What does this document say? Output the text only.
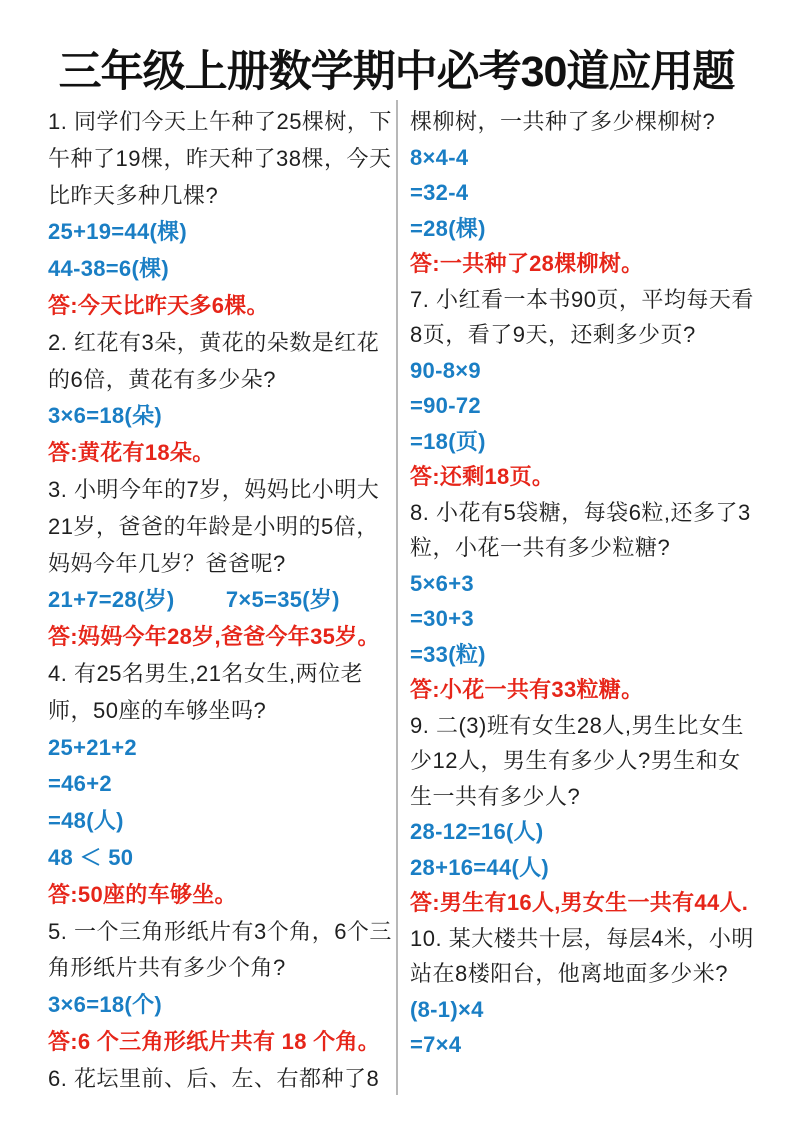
三年级上册数学期中必考30道应用题
1. 同学们今天上午种了25棵树，下
午种了19棵，昨天种了38棵，今天
比昨天多种几棵?
25+19=44(棵)
44-38=6(棵)
答:今天比昨天多6棵。
2. 红花有3朵，黄花的朵数是红花
的6倍，黄花有多少朵?
3×6=18(朵)
答:黄花有18朵。
3. 小明今年的7岁，妈妈比小明大
21岁，爸爸的年龄是小明的5倍，
妈妈今年几岁？爸爸呢?
21+7=28(岁)        7×5=35(岁)
答:妈妈今年28岁,爸爸今年35岁。
4. 有25名男生,21名女生,两位老
师，50座的车够坐吗?
25+21+2
=46+2
=48(人)
48 ＜ 50
答:50座的车够坐。
5. 一个三角形纸片有3个角，6个三
角形纸片共有多少个角?
3×6=18(个)
答:6 个三角形纸片共有 18 个角。
6. 花坛里前、后、左、右都种了8
棵柳树，一共种了多少棵柳树?
8×4-4
=32-4
=28(棵)
答:一共种了28棵柳树。
7. 小红看一本书90页，平均每天看
8页，看了9天，还剩多少页?
90-8×9
=90-72
=18(页)
答:还剩18页。
8. 小花有5袋糖，每袋6粒,还多了3
粒，小花一共有多少粒糖?
5×6+3
=30+3
=33(粒)
答:小花一共有33粒糖。
9. 二(3)班有女生28人,男生比女生
少12人，男生有多少人?男生和女
生一共有多少人?
28-12=16(人)
28+16=44(人)
答:男生有16人,男女生一共有44人.
10. 某大楼共十层，每层4米，小明
站在8楼阳台，他离地面多少米?
(8-1)×4
=7×4
